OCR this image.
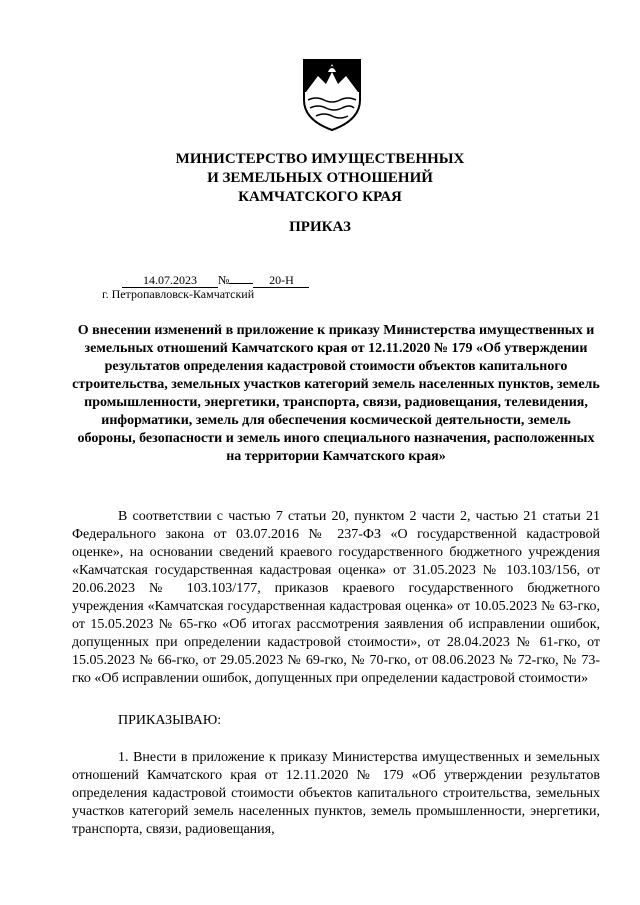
МИНИСТЕРСТВО ИМУЩЕСТВЕННЫХ
И ЗЕМЕЛЬНЫХ ОТНОШЕНИЙ
КАМЧАТСКОГО КРАЯ
ПРИКАЗ
14.07.2023 №	20-Н
г. Петропавловск-Камчатский
О внесении изменений в приложение к приказу Министерства имущественных и земельных отношений Камчатского края от 12.11.2020 № 179 «Об утверждении результатов определения кадастровой стоимости объектов капитального строительства, земельных участков категорий земель населенных пунктов, земель промышленности, энергетики, транспорта, связи, радиовещания, телевидения, информатики, земель для обеспечения космической деятельности, земель обороны, безопасности и земель иного специального назначения, расположенных на территории Камчатского края»
В соответствии с частью 7 статьи 20, пунктом 2 части 2, частью 21 статьи 21 Федерального закона от 03.07.2016 № 237-ФЗ «О государственной кадастровой оценке», на основании сведений краевого государственного бюджетного учреждения «Камчатская государственная кадастровая оценка» от 31.05.2023 № 103.103/156, от 20.06.2023 № 103.103/177, приказов краевого государственного бюджетного учреждения «Камчатская государственная кадастровая оценка» от 10.05.2023 № 63-гко, от 15.05.2023 № 65-гко «Об итогах рассмотрения заявления об исправлении ошибок, допущенных при определении кадастровой стоимости», от 28.04.2023 № 61-гко, от 15.05.2023 № 66-гко, от 29.05.2023 № 69-гко, № 70-гко, от 08.06.2023 № 72-гко, № 73-гко «Об исправлении ошибок, допущенных при определении кадастровой стоимости»
ПРИКАЗЫВАЮ:
1. Внести в приложение к приказу Министерства имущественных и земельных отношений Камчатского края от 12.11.2020 № 179 «Об утверждении результатов определения кадастровой стоимости объектов капитального строительства, земельных участков категорий земель населенных пунктов, земель промышленности, энергетики, транспорта, связи, радиовещания,
